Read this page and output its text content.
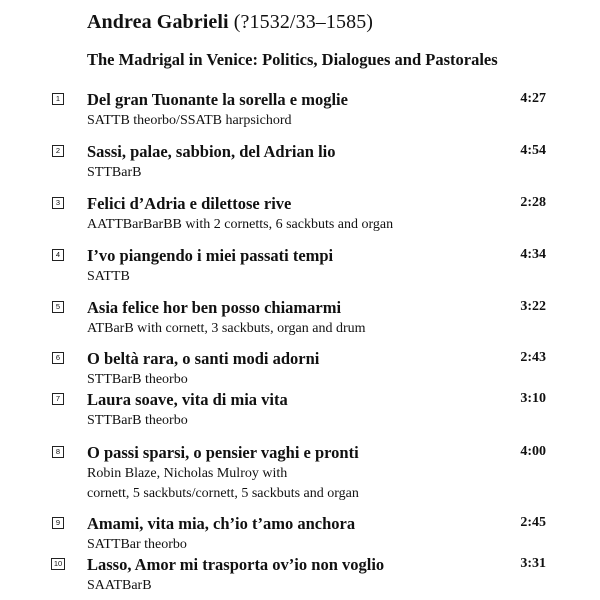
Andrea Gabrieli (?1532/33–1585)
The Madrigal in Venice: Politics, Dialogues and Pastorales
1 Del gran Tuonante la sorella e moglie	4:27
SATTB theorbo/SSATB harpsichord
2 Sassi, palae, sabbion, del Adrian lio	4:54
STTBarB
3 Felici d’Adria e dilettose rive	2:28
AATTBarBarBB with 2 cornetts, 6 sackbuts and organ
4 I’vo piangendo i miei passati tempi	4:34
SATTB
5 Asia felice hor ben posso chiamarmi	3:22
ATBarB with cornett, 3 sackbuts, organ and drum
6 O beltà rara, o santi modi adorni	2:43
STTBarB theorbo
7 Laura soave, vita di mia vita	3:10
STTBarB theorbo
8 O passi sparsi, o pensier vaghi e pronti	4:00
Robin Blaze, Nicholas Mulroy with
cornett, 5 sackbuts/cornett, 5 sackbuts and organ
9 Amami, vita mia, ch’io t’amo anchora	2:45
SATTBar theorbo
10 Lasso, Amor mi trasporta ov’io non voglio	3:31
SAATBarB
